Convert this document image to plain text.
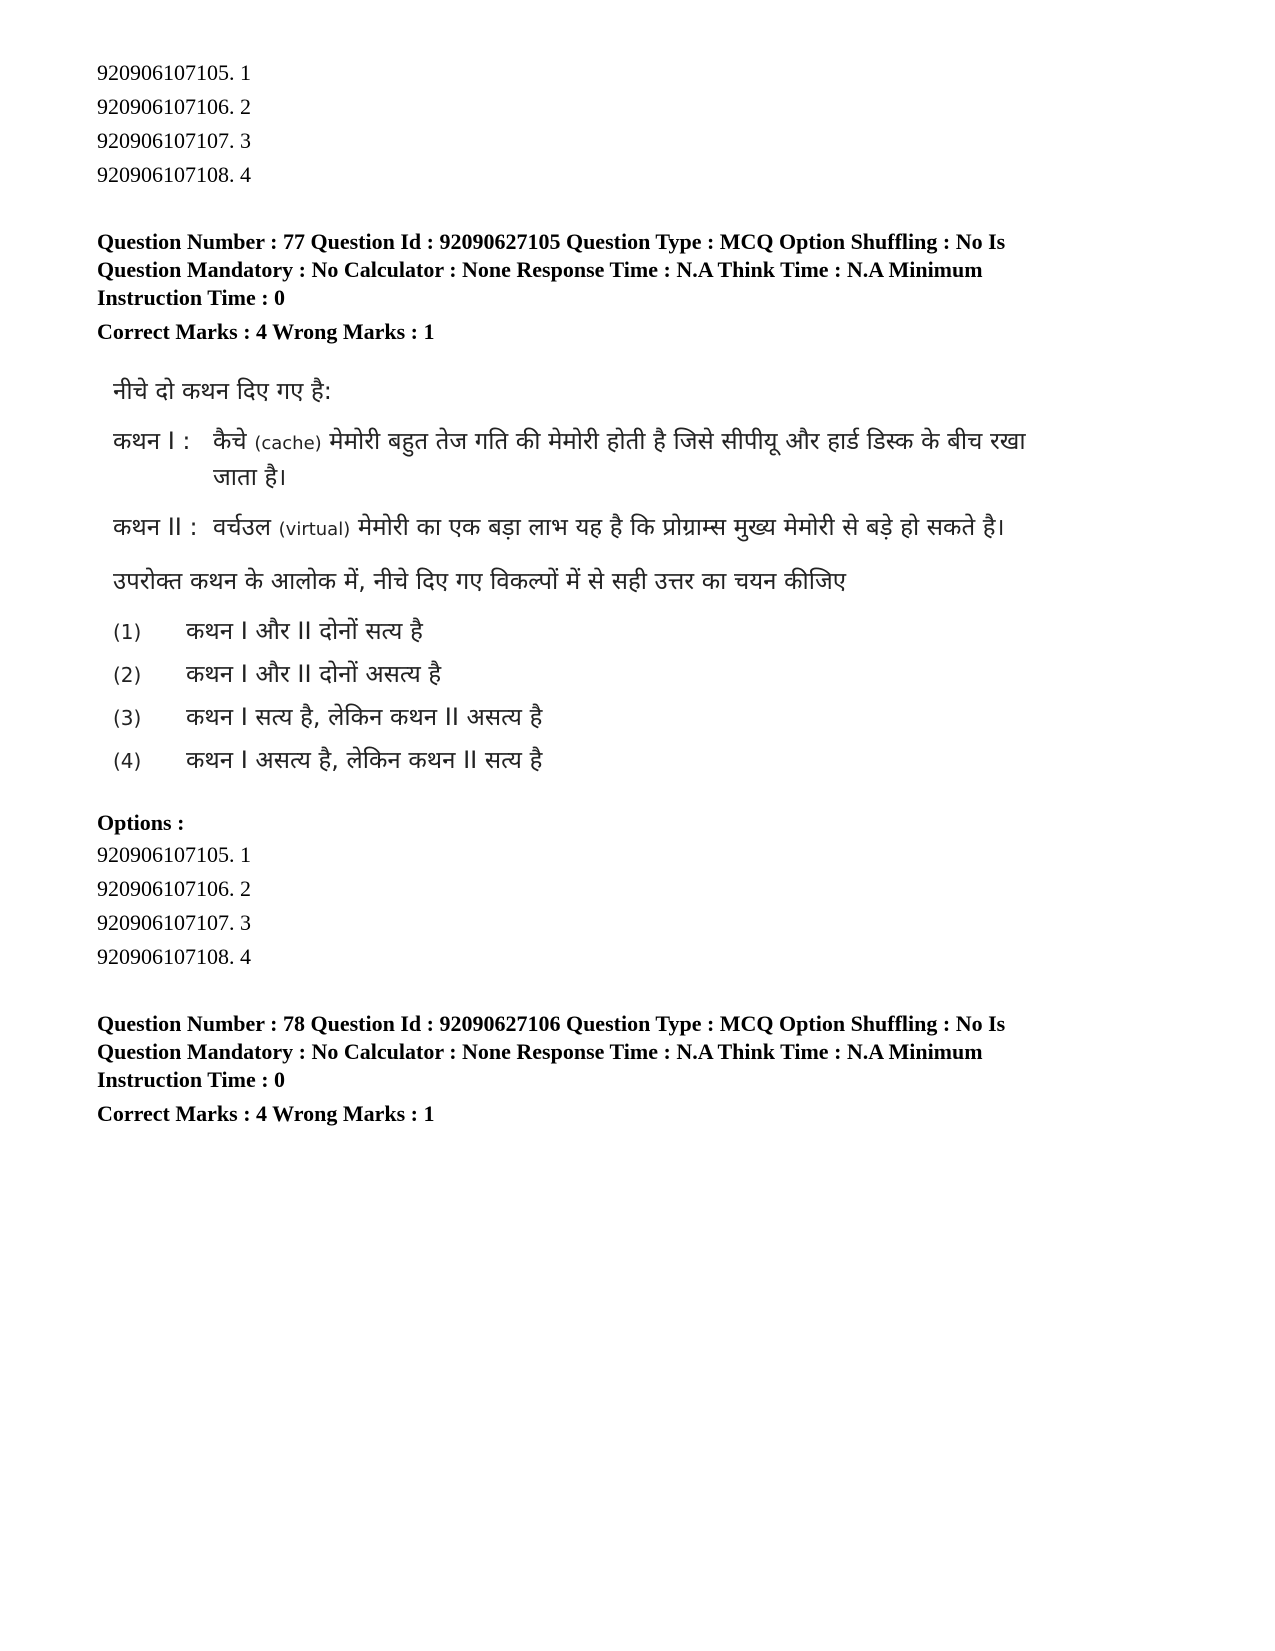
920906107105. 1
920906107106. 2
920906107107. 3
920906107108. 4
Question Number : 77 Question Id : 92090627105 Question Type : MCQ Option Shuffling : No Is
Question Mandatory : No Calculator : None Response Time : N.A Think Time : N.A Minimum
Instruction Time : 0
Correct Marks : 4 Wrong Marks : 1
नीचे दो कथन दिए गए है:
कथन I : कैचे (cache) मेमोरी बहुत तेज गति की मेमोरी होती है जिसे सीपीयू और हार्ड डिस्क के बीच रखा
जाता है।
कथन II : वर्चउल (virtual) मेमोरी का एक बड़ा लाभ यह है कि प्रोग्राम्स मुख्य मेमोरी से बड़े हो सकते है।
उपरोक्त कथन के आलोक में, नीचे दिए गए विकल्पों में से सही उत्तर का चयन कीजिए
(1) कथन I और II दोनों सत्य है
(2) कथन I और II दोनों असत्य है
(3) कथन I सत्य है, लेकिन कथन II असत्य है
(4) कथन I असत्य है, लेकिन कथन II सत्य है
Options :
920906107105. 1
920906107106. 2
920906107107. 3
920906107108. 4
Question Number : 78 Question Id : 92090627106 Question Type : MCQ Option Shuffling : No Is
Question Mandatory : No Calculator : None Response Time : N.A Think Time : N.A Minimum
Instruction Time : 0
Correct Marks : 4 Wrong Marks : 1
